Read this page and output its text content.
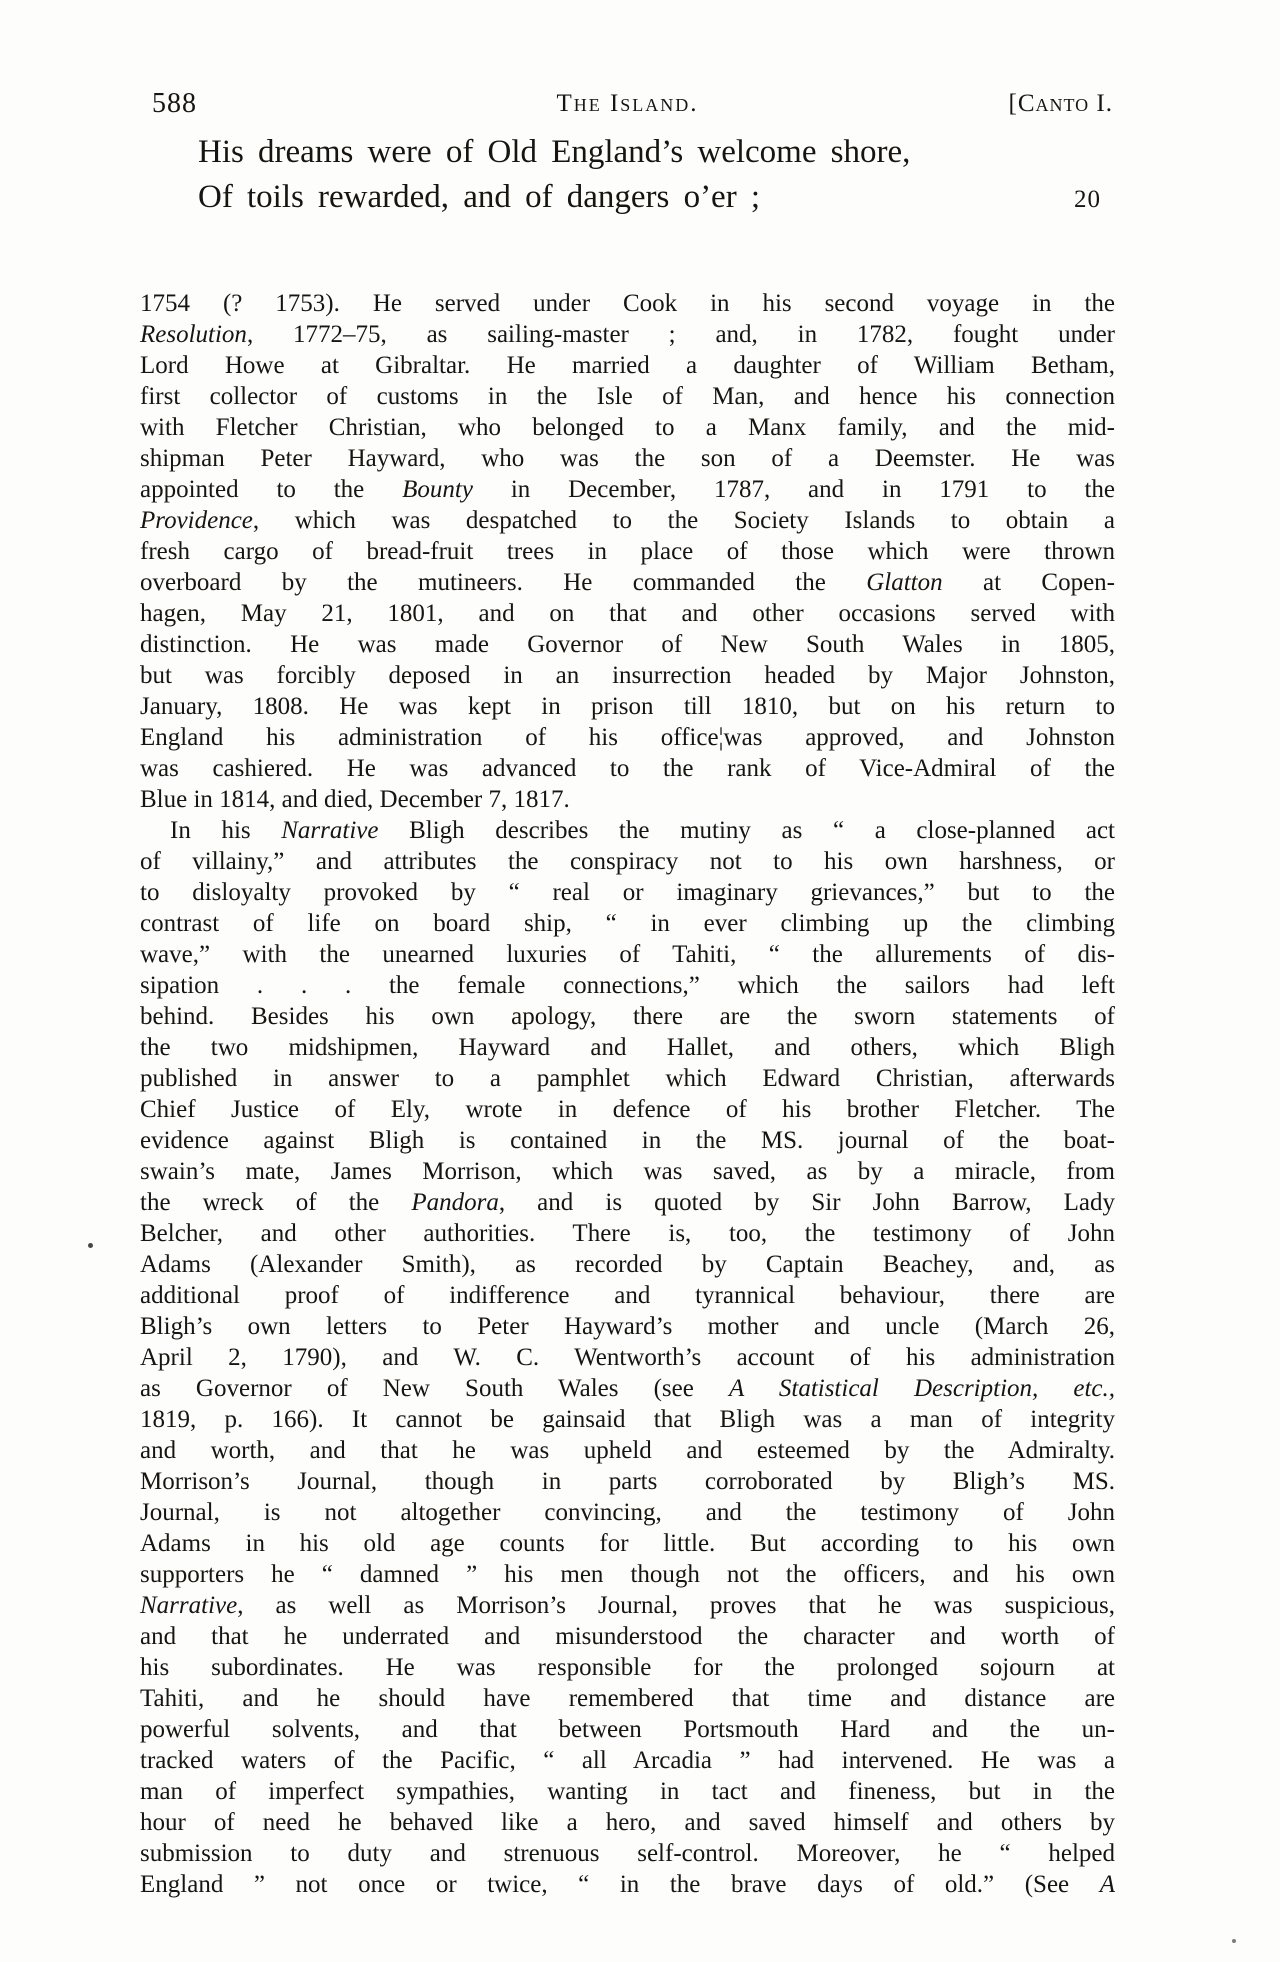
588	The Island.	[Canto I.
His dreams were of Old England’s welcome shore,
Of toils rewarded, and of dangers o’er ;	20
1754 (? 1753). He served under Cook in his second voyage in the
Resolution, 1772–75, as sailing-master ; and, in 1782, fought under
Lord Howe at Gibraltar. He married a daughter of William Betham,
first collector of customs in the Isle of Man, and hence his connection
with Fletcher Christian, who belonged to a Manx family, and the mid-
shipman Peter Hayward, who was the son of a Deemster. He was
appointed to the Bounty in December, 1787, and in 1791 to the
Providence, which was despatched to the Society Islands to obtain a
fresh cargo of bread-fruit trees in place of those which were thrown
overboard by the mutineers. He commanded the Glatton at Copen-
hagen, May 21, 1801, and on that and other occasions served with
distinction. He was made Governor of New South Wales in 1805,
but was forcibly deposed in an insurrection headed by Major Johnston,
January, 1808. He was kept in prison till 1810, but on his return to
England his administration of his office¦was approved, and Johnston
was cashiered. He was advanced to the rank of Vice-Admiral of the
Blue in 1814, and died, December 7, 1817.
In his Narrative Bligh describes the mutiny as “ a close-planned act
of villainy,” and attributes the conspiracy not to his own harshness, or
to disloyalty provoked by “ real or imaginary grievances,” but to the
contrast of life on board ship, “ in ever climbing up the climbing
wave,” with the unearned luxuries of Tahiti, “ the allurements of dis-
sipation . . . the female connections,” which the sailors had left
behind. Besides his own apology, there are the sworn statements of
the two midshipmen, Hayward and Hallet, and others, which Bligh
published in answer to a pamphlet which Edward Christian, afterwards
Chief Justice of Ely, wrote in defence of his brother Fletcher. The
evidence against Bligh is contained in the MS. journal of the boat-
swain’s mate, James Morrison, which was saved, as by a miracle, from
the wreck of the Pandora, and is quoted by Sir John Barrow, Lady
Belcher, and other authorities. There is, too, the testimony of John
Adams (Alexander Smith), as recorded by Captain Beachey, and, as
additional proof of indifference and tyrannical behaviour, there are
Bligh’s own letters to Peter Hayward’s mother and uncle (March 26,
April 2, 1790), and W. C. Wentworth’s account of his administration
as Governor of New South Wales (see A Statistical Description, etc.,
1819, p. 166). It cannot be gainsaid that Bligh was a man of integrity
and worth, and that he was upheld and esteemed by the Admiralty.
Morrison’s Journal, though in parts corroborated by Bligh’s MS.
Journal, is not altogether convincing, and the testimony of John
Adams in his old age counts for little. But according to his own
supporters he “ damned ” his men though not the officers, and his own
Narrative, as well as Morrison’s Journal, proves that he was suspicious,
and that he underrated and misunderstood the character and worth of
his subordinates. He was responsible for the prolonged sojourn at
Tahiti, and he should have remembered that time and distance are
powerful solvents, and that between Portsmouth Hard and the un-
tracked waters of the Pacific, “ all Arcadia ” had intervened. He was a
man of imperfect sympathies, wanting in tact and fineness, but in the
hour of need he behaved like a hero, and saved himself and others by
submission to duty and strenuous self-control. Moreover, he “ helped
England ” not once or twice, “ in the brave days of old.” (See A
